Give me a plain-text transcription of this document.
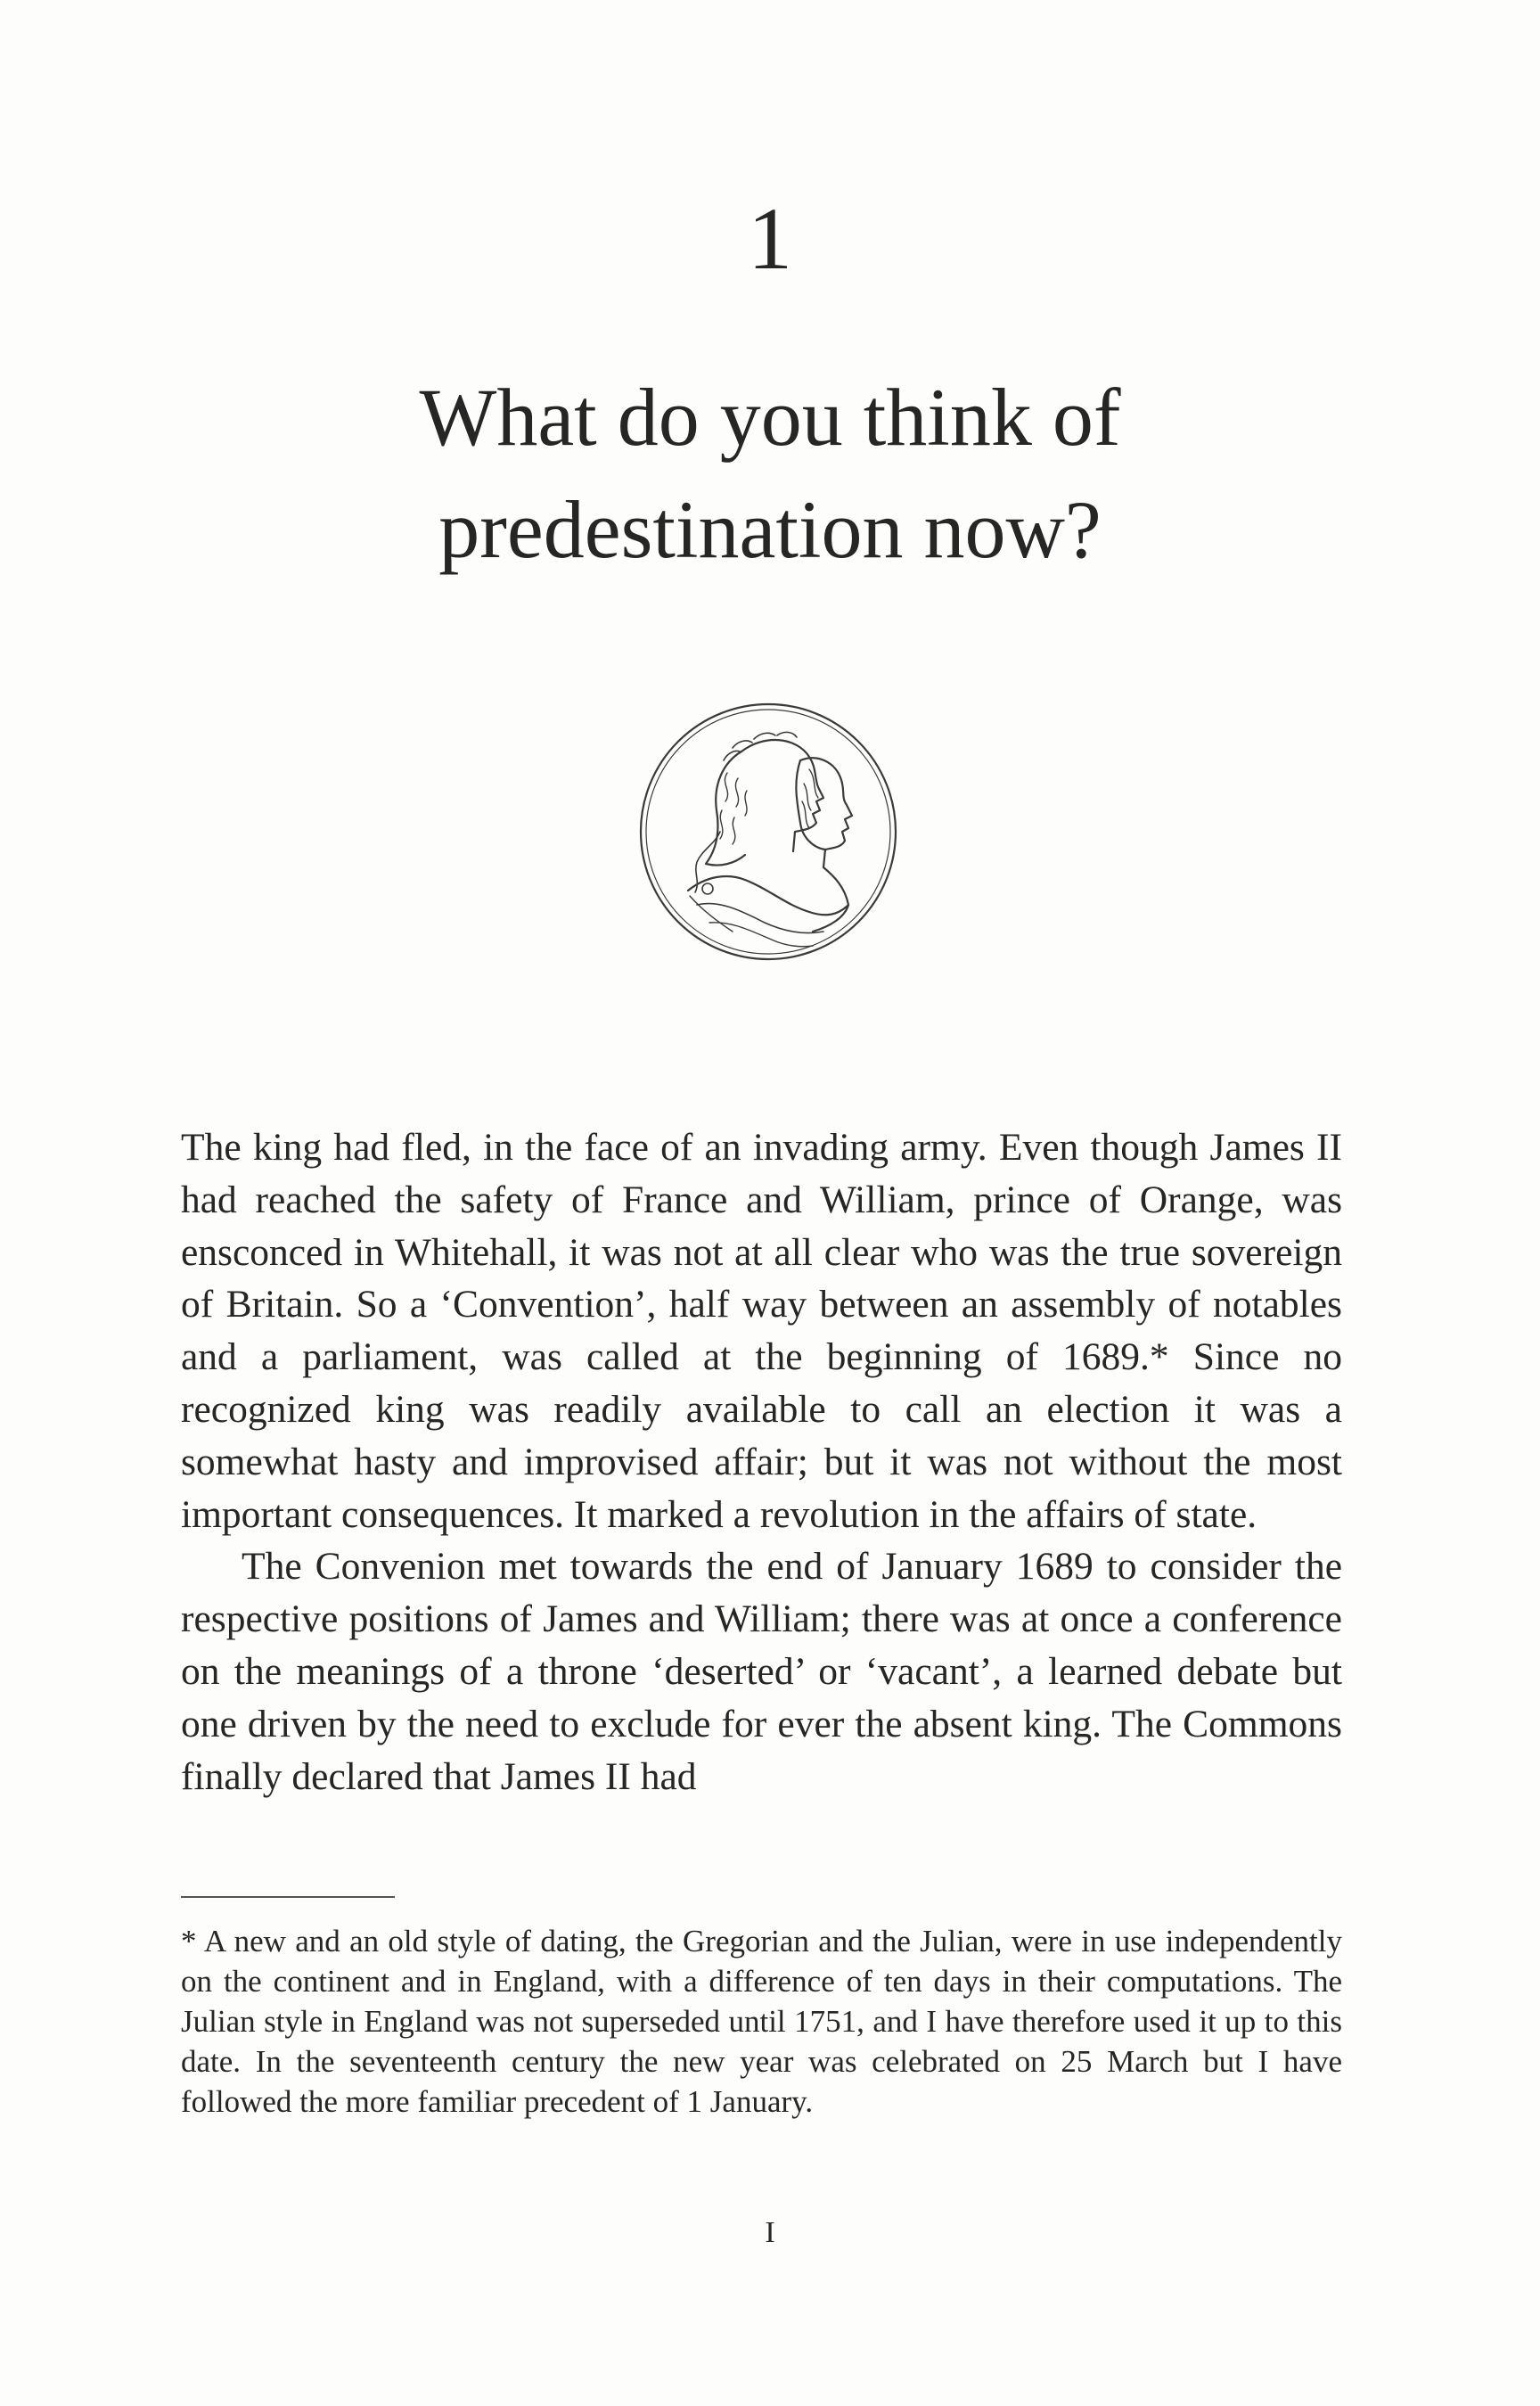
1
What do you think of
predestination now?

The king had fled, in the face of an invading army. Even though James II had reached the safety of France and William, prince of Orange, was ensconced in Whitehall, it was not at all clear who was the true sovereign of Britain. So a ‘Convention’, half way between an assembly of notables and a parliament, was called at the beginning of 1689.* Since no recognized king was readily available to call an election it was a somewhat hasty and improvised affair; but it was not without the most important consequences. It marked a revolution in the affairs of state.

The Convenion met towards the end of January 1689 to consider the respective positions of James and William; there was at once a conference on the meanings of a throne ‘deserted’ or ‘vacant’, a learned debate but one driven by the need to exclude for ever the absent king. The Commons finally declared that James II had

* A new and an old style of dating, the Gregorian and the Julian, were in use independently on the continent and in England, with a difference of ten days in their computations. The Julian style in England was not superseded until 1751, and I have therefore used it up to this date. In the seventeenth century the new year was celebrated on 25 March but I have followed the more familiar precedent of 1 January.

I
